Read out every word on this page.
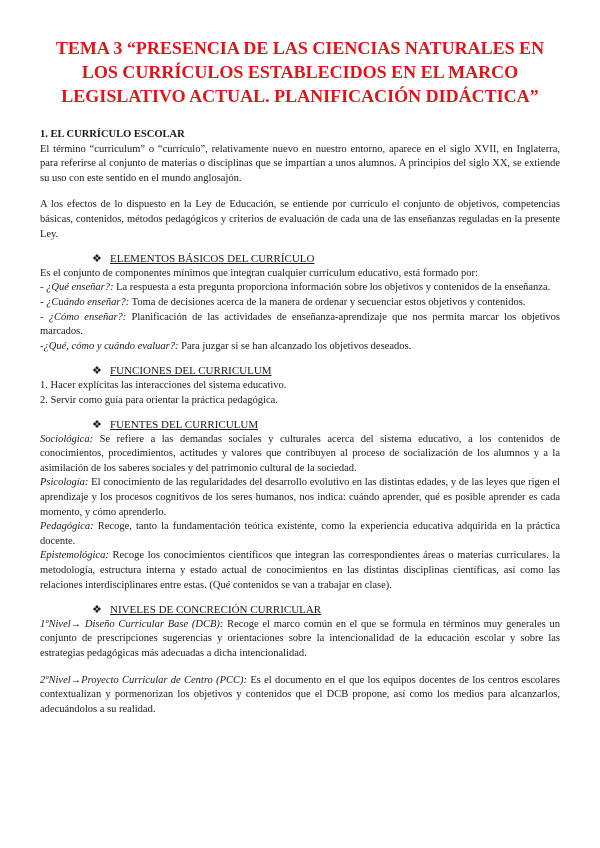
TEMA 3 “PRESENCIA DE LAS CIENCIAS NATURALES EN
LOS CURRÍCULOS ESTABLECIDOS EN EL MARCO
LEGISLATIVO ACTUAL. PLANIFICACIÓN DIDÁCTICA”

1. EL CURRÍCULO ESCOLAR

El término “curriculum” o “currículo”, relativamente nuevo en nuestro entorno, aparece en el siglo XVII, en Inglaterra, para referirse al conjunto de materias o disciplinas que se impartían a unos alumnos. A principios del siglo XX, se extiende su uso con este sentido en el mundo anglosajón.

A los efectos de lo dispuesto en la Ley de Educación, se entiende por currículo el conjunto de objetivos, competencias básicas, contenidos, métodos pedagógicos y criterios de evaluación de cada una de las enseñanzas reguladas en la presente Ley.

❖ ELEMENTOS BÁSICOS DEL CURRÍCULO

Es el conjunto de componentes mínimos que integran cualquier currículum educativo, está formado por:

- ¿Qué enseñar?: La respuesta a esta pregunta proporciona información sobre los objetivos y contenidos de la enseñanza.

- ¿Cuándo enseñar?: Toma de decisiones acerca de la manera de ordenar y secuenciar estos objetivos y contenidos.

- ¿Cómo enseñar?: Planificación de las actividades de enseñanza-aprendizaje que nos permita marcar los objetivos marcados.

-¿Qué, cómo y cuándo evaluar?: Para juzgar si se han alcanzado los objetivos deseados.

❖ FUNCIONES DEL CURRICULUM

1. Hacer explícitas las interacciones del sistema educativo.

2. Servir como guía para orientar la práctica pedagógica.

❖ FUENTES DEL CURRICULUM

Sociológica: Se refiere a las demandas sociales y culturales acerca del sistema educativo, a los contenidos de conocimientos, procedimientos, actitudes y valores que contribuyen al proceso de socialización de los alumnos y a la asimilación de los saberes sociales y del patrimonio cultural de la sociedad.

Psicología: El conocimiento de las regularidades del desarrollo evolutivo en las distintas edades, y de las leyes que rigen el aprendizaje y los procesos cognitivos de los seres humanos, nos indica: cuándo aprender, qué es posible aprender es cada momento, y cómo aprenderlo.

Pedagógica: Recoge, tanto la fundamentación teórica existente, como la experiencia educativa adquirida en la práctica docente.

Epistemológica: Recoge los conocimientos científicos que integran las correspondientes áreas o materias curriculares. la metodología, estructura interna y estado actual de conocimientos en las distintas disciplinas científicas, así como las relaciones interdisciplinares entre estas. (Qué contenidos se van a trabajar en clase).

❖ NIVELES DE CONCRECIÓN CURRICULAR

1ºNivel→ Diseño Curricular Base (DCB): Recoge el marco común en el que se formula en términos muy generales un conjunto de prescripciones sugerencias y orientaciones sobre la intencionalidad de la educación escolar y sobre las estrategias pedagógicas más adecuadas a dicha intencionalidad.

2ºNivel→Proyecto Curricular de Centro (PCC): Es el documento en el que los equipos docentes de los centros escolares contextualizan y pormenorizan los objetivos y contenidos que el DCB propone, así como los medios para alcanzarlos, adecuándolos a su realidad.
